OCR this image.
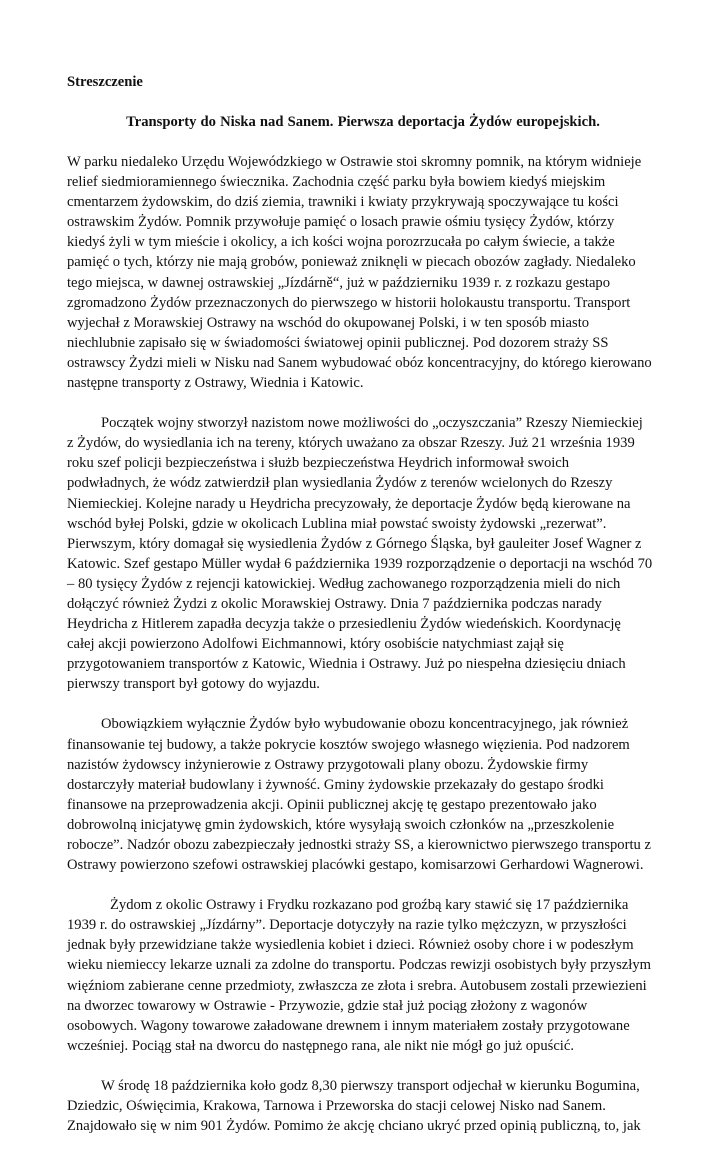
Streszczenie
Transporty do Niska nad Sanem. Pierwsza deportacja Żydów europejskich.
W parku niedaleko Urzędu Wojewódzkiego w Ostrawie stoi skromny pomnik, na którym widnieje
relief siedmioramiennego świecznika. Zachodnia część parku była bowiem kiedyś miejskim
cmentarzem żydowskim, do dziś ziemia, trawniki i kwiaty przykrywają spoczywające tu kości
ostrawskim Żydów. Pomnik przywołuje pamięć o losach prawie ośmiu tysięcy Żydów, którzy
kiedyś żyli w tym mieście i okolicy, a ich kości wojna porozrzucała po całym świecie, a także
pamięć o tych, którzy nie mają grobów, ponieważ zniknęli w piecach obozów zagłady. Niedaleko
tego miejsca, w dawnej ostrawskiej „Jízdárně“, już w październiku 1939 r. z rozkazu gestapo
zgromadzono Żydów przeznaczonych do pierwszego w historii holokaustu transportu. Transport
wyjechał z Morawskiej Ostrawy na wschód do okupowanej Polski, i w ten sposób miasto
niechlubnie zapisało się w świadomości światowej opinii publicznej. Pod dozorem straży SS
ostrawscy Żydzi mieli w Nisku nad Sanem wybudować obóz koncentracyjny, do którego kierowano
następne transporty z Ostrawy, Wiednia i Katowic.
Początek wojny stworzył nazistom nowe możliwości do „oczyszczania” Rzeszy Niemieckiej
z Żydów, do wysiedlania ich na tereny, których uważano za obszar Rzeszy. Już 21 września 1939
roku szef policji bezpieczeństwa i służb bezpieczeństwa Heydrich informował swoich
podwładnych, że wódz zatwierdził plan wysiedlania Żydów z terenów wcielonych do Rzeszy
Niemieckiej. Kolejne narady u Heydricha precyzowały, że deportacje Żydów będą kierowane na
wschód byłej Polski, gdzie w okolicach Lublina miał powstać swoisty żydowski „rezerwat”.
Pierwszym, który domagał się wysiedlenia Żydów z Górnego Śląska, był gauleiter Josef Wagner z
Katowic. Szef gestapo Müller wydał 6 października 1939 rozporządzenie o deportacji na wschód 70
– 80 tysięcy Żydów z rejencji katowickiej. Według zachowanego rozporządzenia mieli do nich
dołączyć również Żydzi z okolic Morawskiej Ostrawy. Dnia 7 października podczas narady
Heydricha z Hitlerem zapadła decyzja także o przesiedleniu Żydów wiedeńskich. Koordynację
całej akcji powierzono Adolfowi Eichmannowi, który osobiście natychmiast zajął się
przygotowaniem transportów z Katowic, Wiednia i Ostrawy. Już po niespełna dziesięciu dniach
pierwszy transport był gotowy do wyjazdu.
Obowiązkiem wyłącznie Żydów było wybudowanie obozu koncentracyjnego, jak również
finansowanie tej budowy, a także pokrycie kosztów swojego własnego więzienia. Pod nadzorem
nazistów żydowscy inżynierowie z Ostrawy przygotowali plany obozu. Żydowskie firmy
dostarczyły materiał budowlany i żywność. Gminy żydowskie przekazały do gestapo środki
finansowe na przeprowadzenia akcji. Opinii publicznej akcję tę gestapo prezentowało jako
dobrowolną inicjatywę gmin żydowskich, które wysyłają swoich członków na „przeszkolenie
robocze”. Nadzór obozu zabezpieczały jednostki straży SS, a kierownictwo pierwszego transportu z
Ostrawy powierzono szefowi ostrawskiej placówki gestapo, komisarzowi Gerhardowi Wagnerowi.
Żydom z okolic Ostrawy i Frydku rozkazano pod groźbą kary stawić się 17 października
1939 r. do ostrawskiej „Jízdárny”. Deportacje dotyczyły na razie tylko mężczyzn, w przyszłości
jednak były przewidziane także wysiedlenia kobiet i dzieci. Również osoby chore i w podeszłym
wieku niemieccy lekarze uznali za zdolne do transportu. Podczas rewizji osobistych były przyszłym
więźniom zabierane cenne przedmioty, zwłaszcza ze złota i srebra. Autobusem zostali przewiezieni
na dworzec towarowy w Ostrawie - Przywozie, gdzie stał już pociąg złożony z wagonów
osobowych. Wagony towarowe załadowane drewnem i innym materiałem zostały przygotowane
wcześniej. Pociąg stał na dworcu do następnego rana, ale nikt nie mógł go już opuścić.
W środę 18 października koło godz 8,30 pierwszy transport odjechał w kierunku Bogumina,
Dziedzic, Oświęcimia, Krakowa, Tarnowa i Przeworska do stacji celowej Nisko nad Sanem.
Znajdowało się w nim 901 Żydów. Pomimo że akcję chciano ukryć przed opinią publiczną, to, jak
